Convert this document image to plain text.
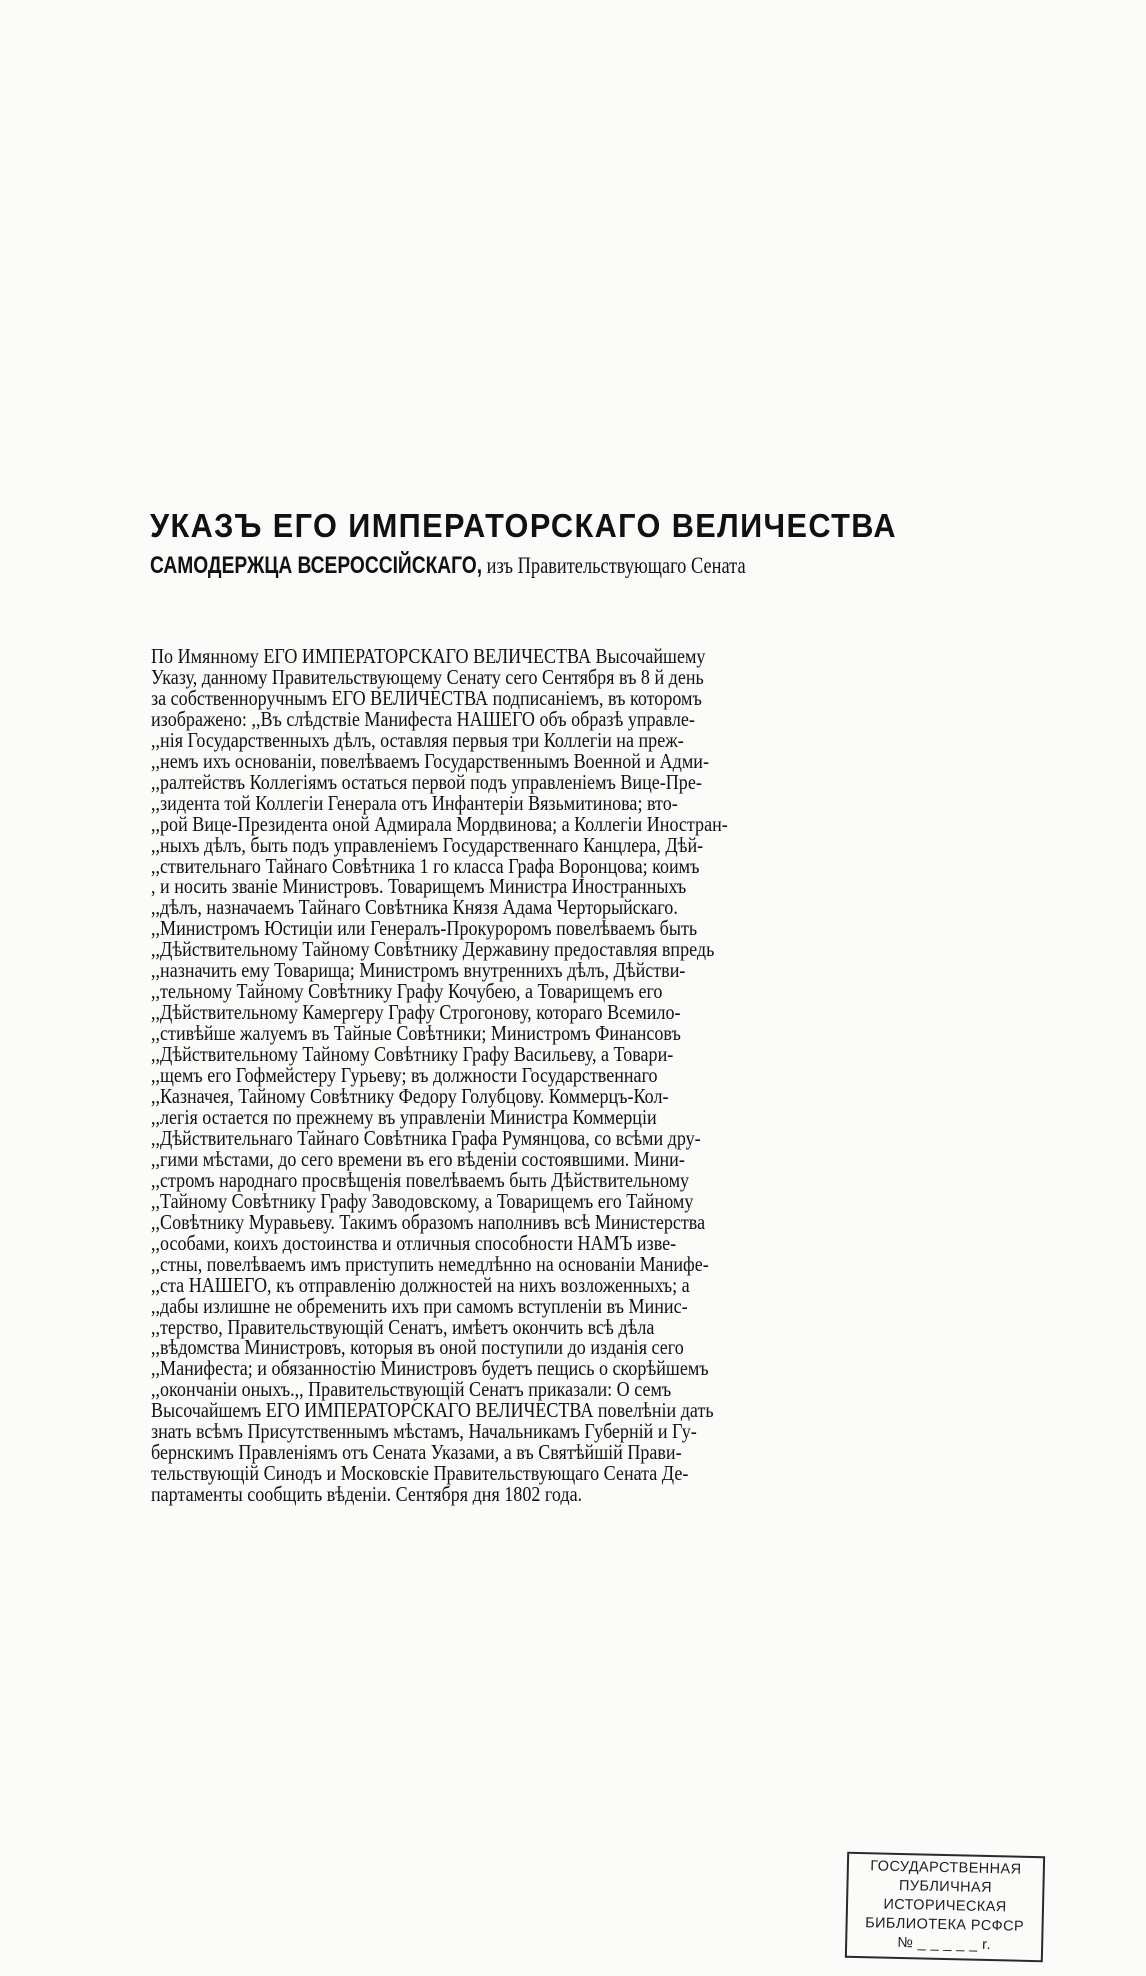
УКАЗЪ ЕГО ИМПЕРАТОРСКАГО ВЕЛИЧЕСТВА
САМОДЕРЖЦА ВСЕРОССІЙСКАГО, изъ Правительствующаго Сената
По Имянному ЕГО ИМПЕРАТОРСКАГО ВЕЛИЧЕСТВА Высочайшему
Указу, данному Правительствующему Сенату сего Сентября въ 8 й день
за собственноручнымъ ЕГО ВЕЛИЧЕСТВА подписаніемъ, въ которомъ
изображено: ,,Въ слѣдствіе Манифеста НАШЕГО объ образѣ управле-
,,нія Государственныхъ дѣлъ, оставляя первыя три Коллегіи на преж-
,,немъ ихъ основаніи, повелѣваемъ Государственнымъ Военной и Адми-
,,ралтействъ Коллегіямъ остаться первой подъ управленіемъ Вице-Пре-
,,зидента той Коллегіи Генерала отъ Инфантеріи Вязьмитинова; вто-
,,рой Вице-Президента оной Адмирала Мордвинова; а Коллегіи Иностран-
,,ныхъ дѣлъ, быть подъ управленіемъ Государственнаго Канцлера, Дѣй-
,,ствительнаго Тайнаго Совѣтника 1 го класса Графа Воронцова; коимъ
, и носить званіе Министровъ. Товарищемъ Министра Иностранныхъ
,,дѣлъ, назначаемъ Тайнаго Совѣтника Князя Адама Черторыйскаго.
,,Министромъ Юстиціи или Генералъ-Прокуроромъ повелѣваемъ быть
,,Дѣйствительному Тайному Совѣтнику Державину предоставляя впредь
,,назначить ему Товарища; Министромъ внутреннихъ дѣлъ, Дѣйстви-
,,тельному Тайному Совѣтнику Графу Кочубею, а Товарищемъ его
,,Дѣйствительному Камергеру Графу Строгонову, котораго Всемило-
,,стивѣйше жалуемъ въ Тайные Совѣтники; Министромъ Финансовъ
,,Дѣйствительному Тайному Совѣтнику Графу Васильеву, а Товари-
,,щемъ его Гофмейстеру Гурьеву; въ должности Государственнаго
,,Казначея, Тайному Совѣтнику Федору Голубцову. Коммерцъ-Кол-
,,легія остается по прежнему въ управленіи Министра Коммерціи
,,Дѣйствительнаго Тайнаго Совѣтника Графа Румянцова, со всѣми дру-
,,гими мѣстами, до сего времени въ его вѣденіи состоявшими. Мини-
,,стромъ народнаго просвѣщенія повелѣваемъ быть Дѣйствительному
,,Тайному Совѣтнику Графу Заводовскому, а Товарищемъ его Тайному
,,Совѣтнику Муравьеву. Такимъ образомъ наполнивъ всѣ Министерства
,,особами, коихъ достоинства и отличныя способности НАМЪ изве-
,,стны, повелѣваемъ имъ приступить немедлѣнно на основаніи Манифе-
,,ста НАШЕГО, къ отправленію должностей на нихъ возложенныхъ; а
,,дабы излишне не обременить ихъ при самомъ вступленіи въ Минис-
,,терство, Правительствующій Сенатъ, имѣетъ окончить всѣ дѣла
,,вѣдомства Министровъ, которыя въ оной поступили до изданія сего
,,Манифеста; и обязанностію Министровъ будетъ пещись о скорѣйшемъ
,,окончаніи оныхъ.,, Правительствующій Сенатъ приказали: О семъ
Высочайшемъ ЕГО ИМПЕРАТОРСКАГО ВЕЛИЧЕСТВА повелѣніи дать
знать всѣмъ Присутственнымъ мѣстамъ, Начальникамъ Губерній и Гу-
бернскимъ Правленіямъ отъ Сената Указами, а въ Святѣйшій Прави-
тельствующій Синодъ и Московскіе Правительствующаго Сената Де-
партаменты сообщить вѣденіи. Сентября дня 1802 года.
ГОСУДАРСТВЕННАЯ
ПУБЛИЧНАЯ
ИСТОРИЧЕСКАЯ
БИБЛИОТЕКА РСФСР
№ _ _ _ _ _ r.
